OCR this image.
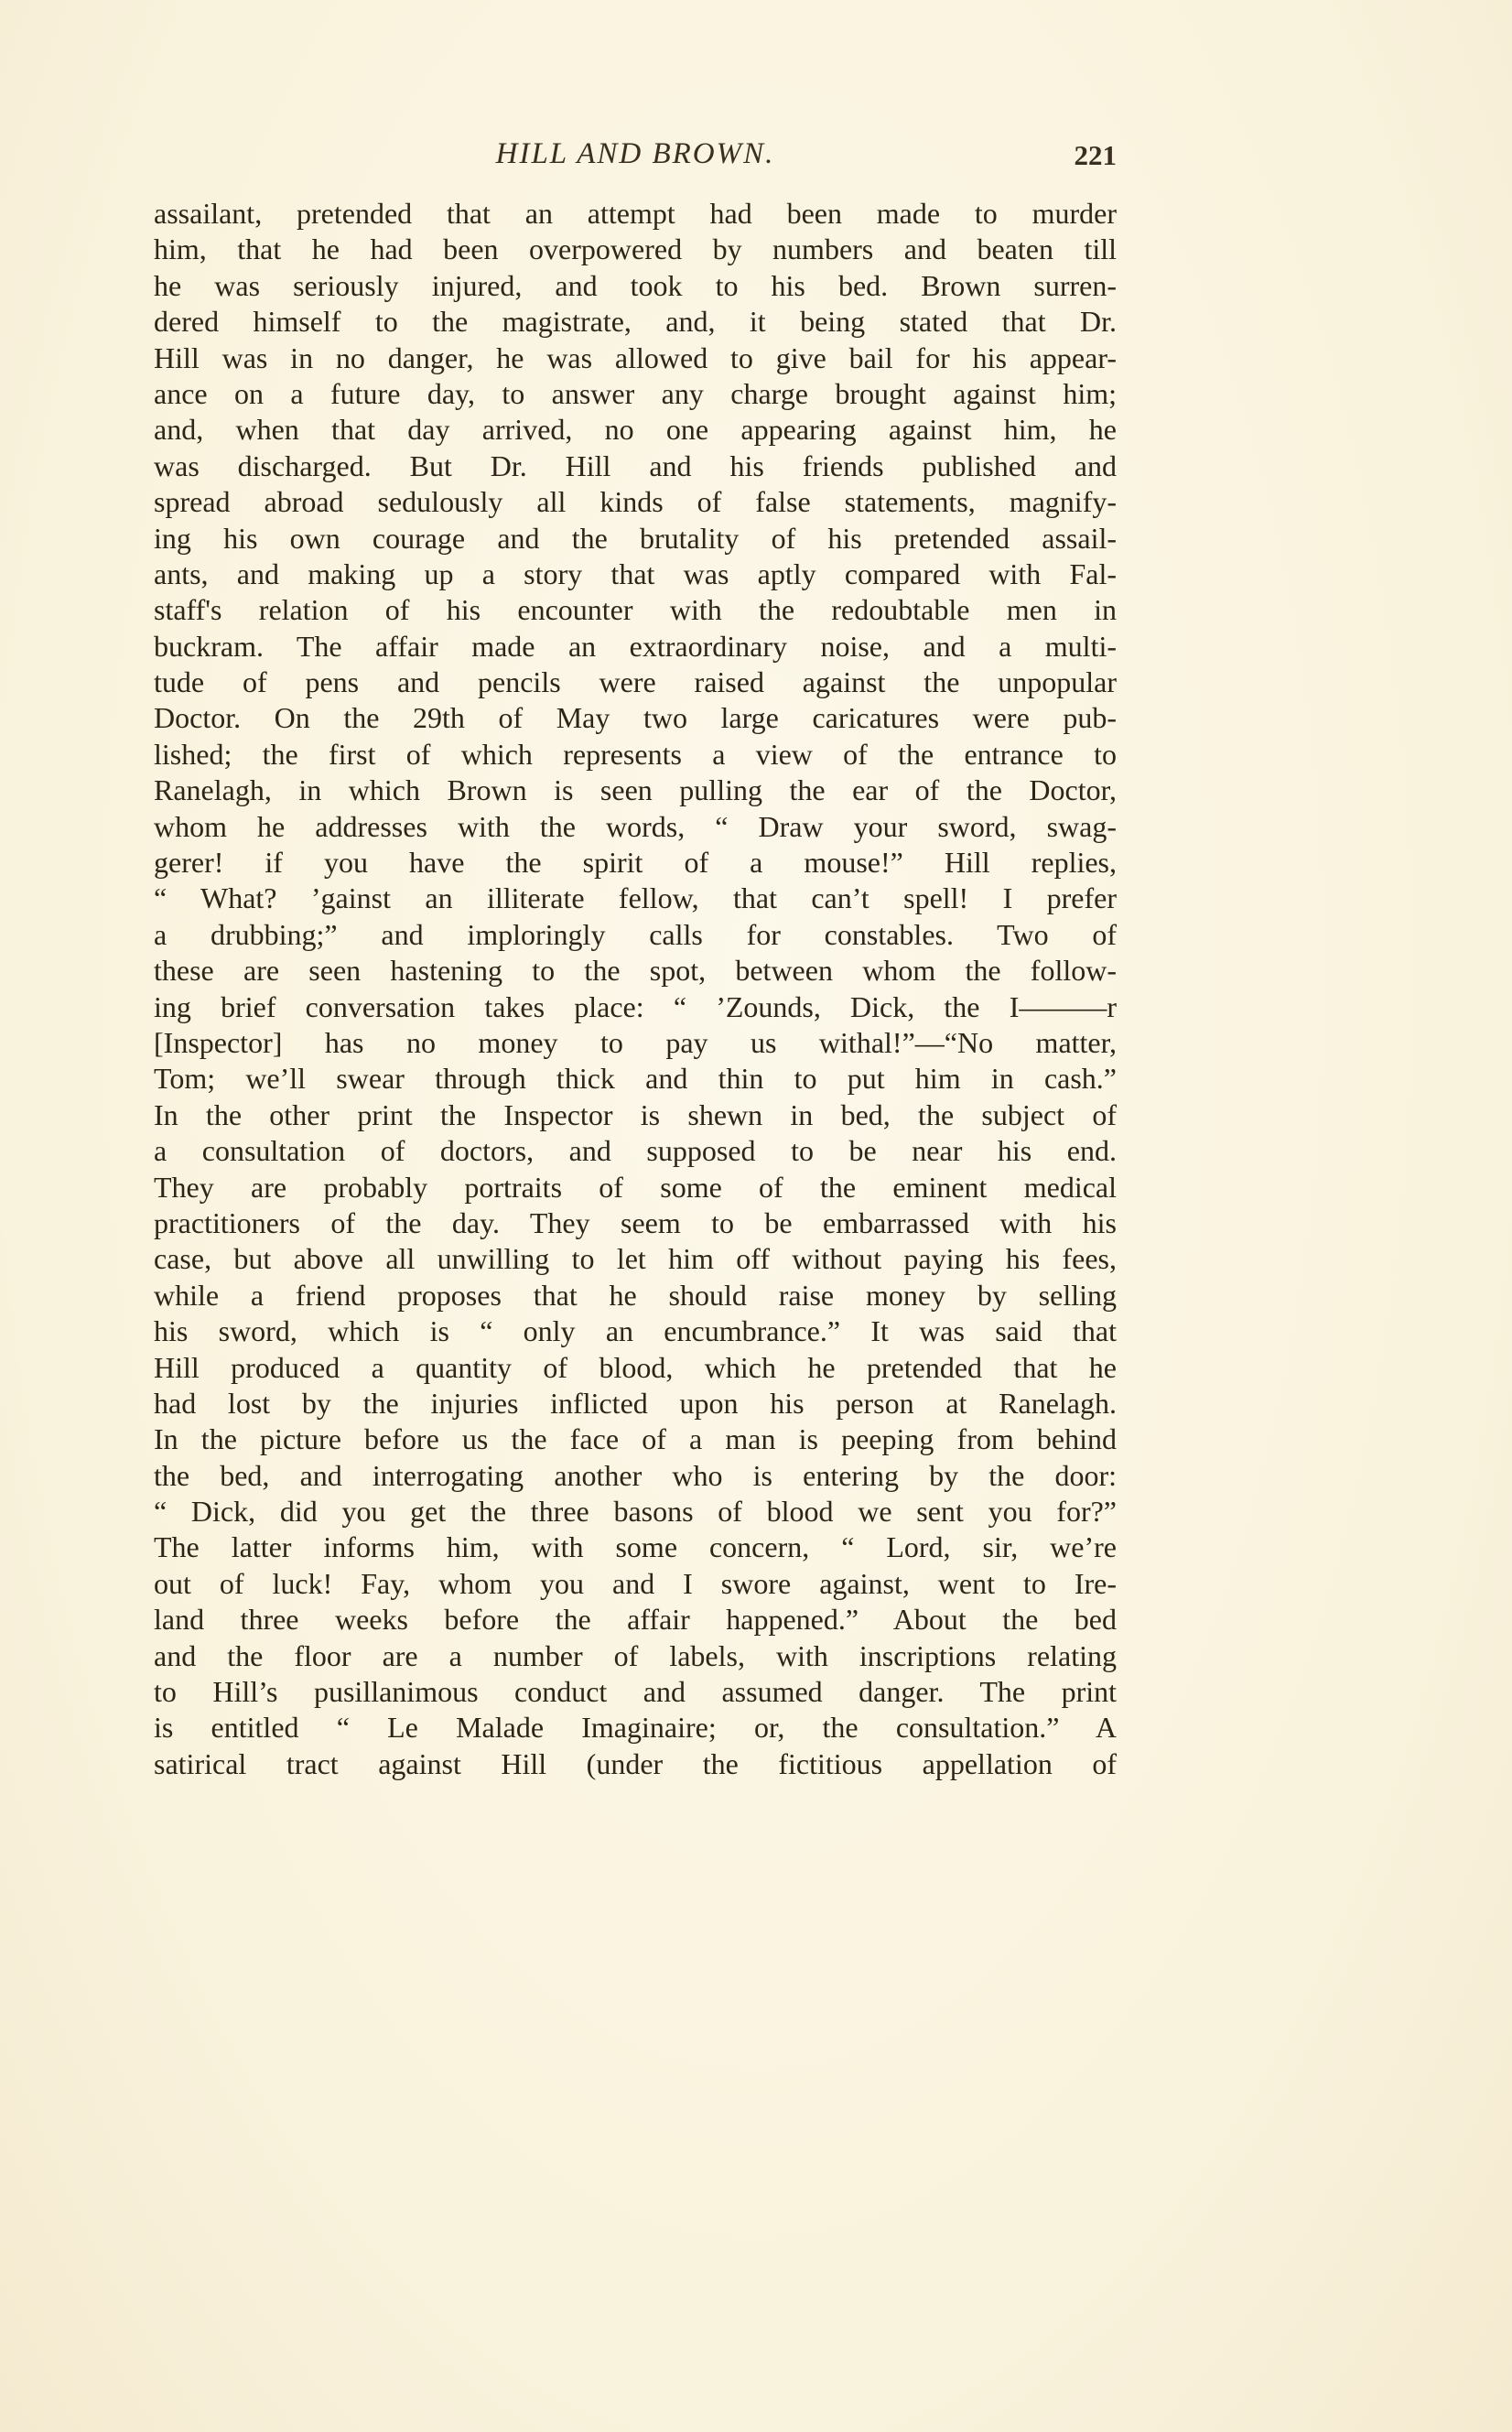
HILL AND BROWN.	221
assailant, pretended that an attempt had been made to murder
him, that he had been overpowered by numbers and beaten till
he was seriously injured, and took to his bed. Brown surren-
dered himself to the magistrate, and, it being stated that Dr.
Hill was in no danger, he was allowed to give bail for his appear-
ance on a future day, to answer any charge brought against him;
and, when that day arrived, no one appearing against him, he
was discharged. But Dr. Hill and his friends published and
spread abroad sedulously all kinds of false statements, magnify-
ing his own courage and the brutality of his pretended assail-
ants, and making up a story that was aptly compared with Fal-
staff's relation of his encounter with the redoubtable men in
buckram. The affair made an extraordinary noise, and a multi-
tude of pens and pencils were raised against the unpopular
Doctor. On the 29th of May two large caricatures were pub-
lished; the first of which represents a view of the entrance to
Ranelagh, in which Brown is seen pulling the ear of the Doctor,
whom he addresses with the words, “ Draw your sword, swag-
gerer! if you have the spirit of a mouse!” Hill replies,
“ What? ’gainst an illiterate fellow, that can’t spell! I prefer
a drubbing;” and imploringly calls for constables. Two of
these are seen hastening to the spot, between whom the follow-
ing brief conversation takes place: “ ’Zounds, Dick, the I———r
[Inspector] has no money to pay us withal!”—“No matter,
Tom; we’ll swear through thick and thin to put him in cash.”
In the other print the Inspector is shewn in bed, the subject of
a consultation of doctors, and supposed to be near his end.
They are probably portraits of some of the eminent medical
practitioners of the day. They seem to be embarrassed with his
case, but above all unwilling to let him off without paying his fees,
while a friend proposes that he should raise money by selling
his sword, which is “ only an encumbrance.” It was said that
Hill produced a quantity of blood, which he pretended that he
had lost by the injuries inflicted upon his person at Ranelagh.
In the picture before us the face of a man is peeping from behind
the bed, and interrogating another who is entering by the door:
“ Dick, did you get the three basons of blood we sent you for?”
The latter informs him, with some concern, “ Lord, sir, we’re
out of luck! Fay, whom you and I swore against, went to Ire-
land three weeks before the affair happened.” About the bed
and the floor are a number of labels, with inscriptions relating
to Hill’s pusillanimous conduct and assumed danger. The print
is entitled “ Le Malade Imaginaire; or, the consultation.” A
satirical tract against Hill (under the fictitious appellation of
